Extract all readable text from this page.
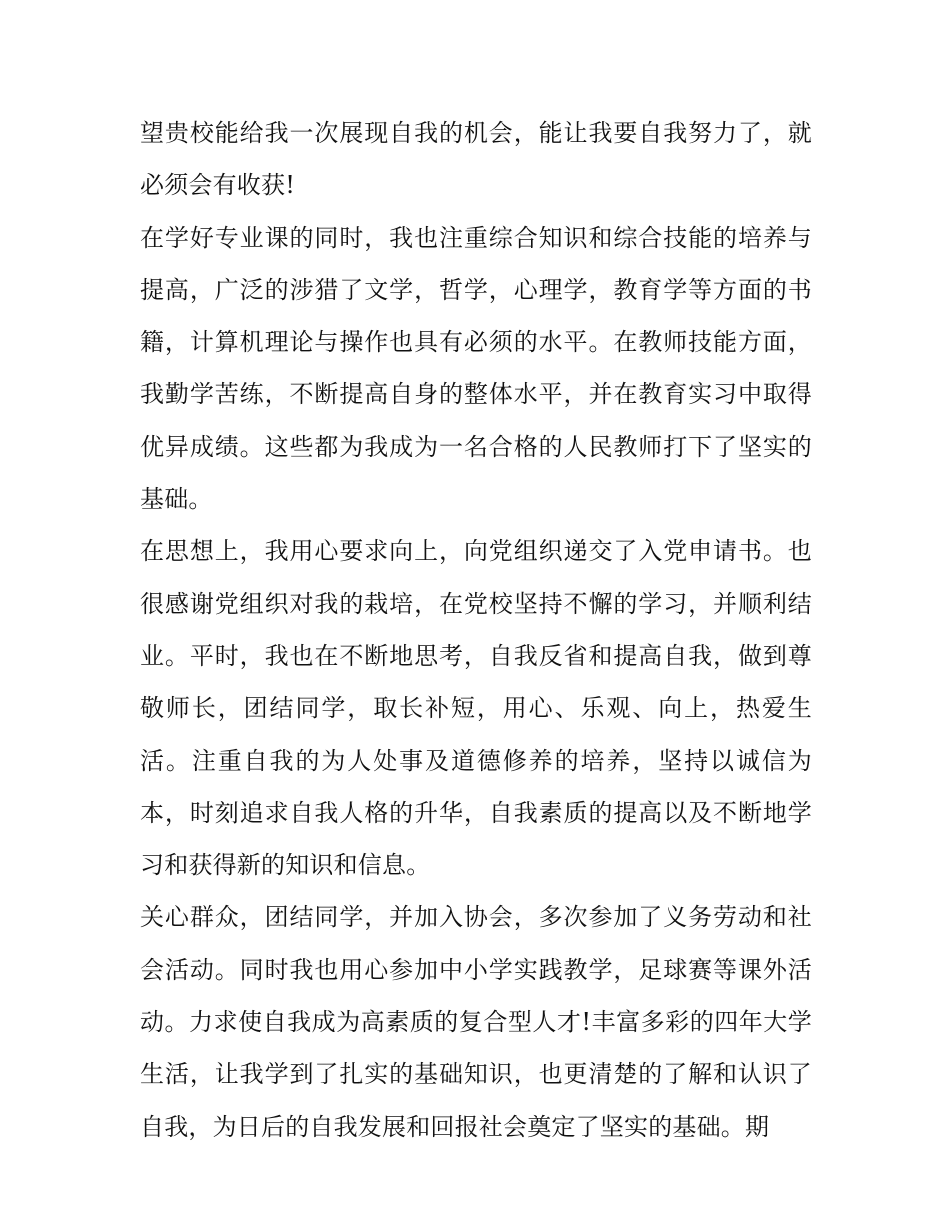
望贵校能给我一次展现自我的机会，能让我要自我努力了，就必须会有收获!

在学好专业课的同时，我也注重综合知识和综合技能的培养与提高，广泛的涉猎了文学，哲学，心理学，教育学等方面的书籍，计算机理论与操作也具有必须的水平。在教师技能方面，我勤学苦练，不断提高自身的整体水平，并在教育实习中取得优异成绩。这些都为我成为一名合格的人民教师打下了坚实的基础。

在思想上，我用心要求向上，向党组织递交了入党申请书。也很感谢党组织对我的栽培，在党校坚持不懈的学习，并顺利结业。平时，我也在不断地思考，自我反省和提高自我，做到尊敬师长，团结同学，取长补短，用心、乐观、向上，热爱生活。注重自我的为人处事及道德修养的培养，坚持以诚信为本，时刻追求自我人格的升华，自我素质的提高以及不断地学习和获得新的知识和信息。

关心群众，团结同学，并加入协会，多次参加了义务劳动和社会活动。同时我也用心参加中小学实践教学，足球赛等课外活动。力求使自我成为高素质的复合型人才!丰富多彩的四年大学生活，让我学到了扎实的基础知识，也更清楚的了解和认识了自我，为日后的自我发展和回报社会奠定了坚实的基础。期
